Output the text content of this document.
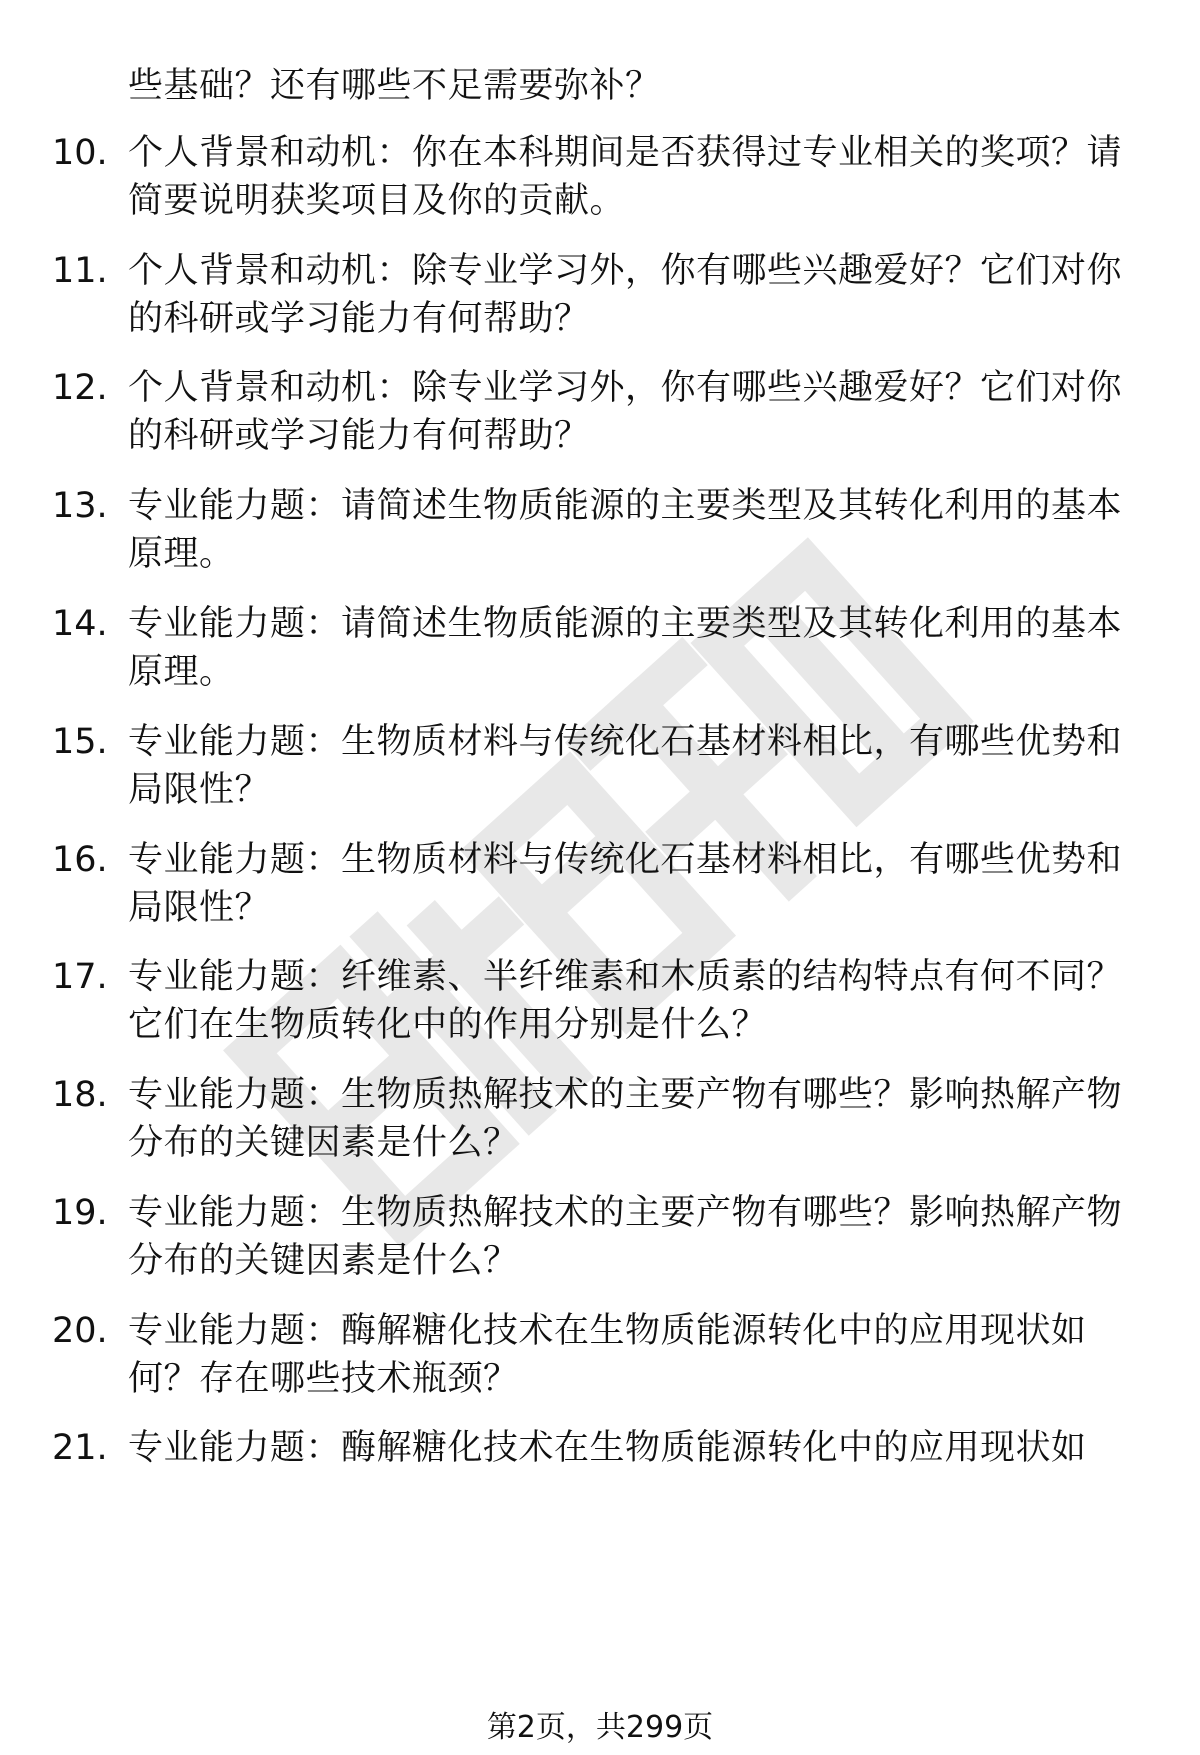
些基础？还有哪些不足需要弥补？
10. 个人背景和动机：你在本科期间是否获得过专业相关的奖项？请
简要说明获奖项目及你的贡献。
11. 个人背景和动机：除专业学习外，你有哪些兴趣爱好？它们对你
的科研或学习能力有何帮助？
12. 个人背景和动机：除专业学习外，你有哪些兴趣爱好？它们对你
的科研或学习能力有何帮助？
13. 专业能力题：请简述生物质能源的主要类型及其转化利用的基本
原理。
14. 专业能力题：请简述生物质能源的主要类型及其转化利用的基本
原理。
15. 专业能力题：生物质材料与传统化石基材料相比，有哪些优势和
局限性？
16. 专业能力题：生物质材料与传统化石基材料相比，有哪些优势和
局限性？
17. 专业能力题：纤维素、半纤维素和木质素的结构特点有何不同？
它们在生物质转化中的作用分别是什么？
18. 专业能力题：生物质热解技术的主要产物有哪些？影响热解产物
分布的关键因素是什么？
19. 专业能力题：生物质热解技术的主要产物有哪些？影响热解产物
分布的关键因素是什么？
20. 专业能力题：酶解糖化技术在生物质能源转化中的应用现状如
何？存在哪些技术瓶颈？
21. 专业能力题：酶解糖化技术在生物质能源转化中的应用现状如
第2页，共299页
